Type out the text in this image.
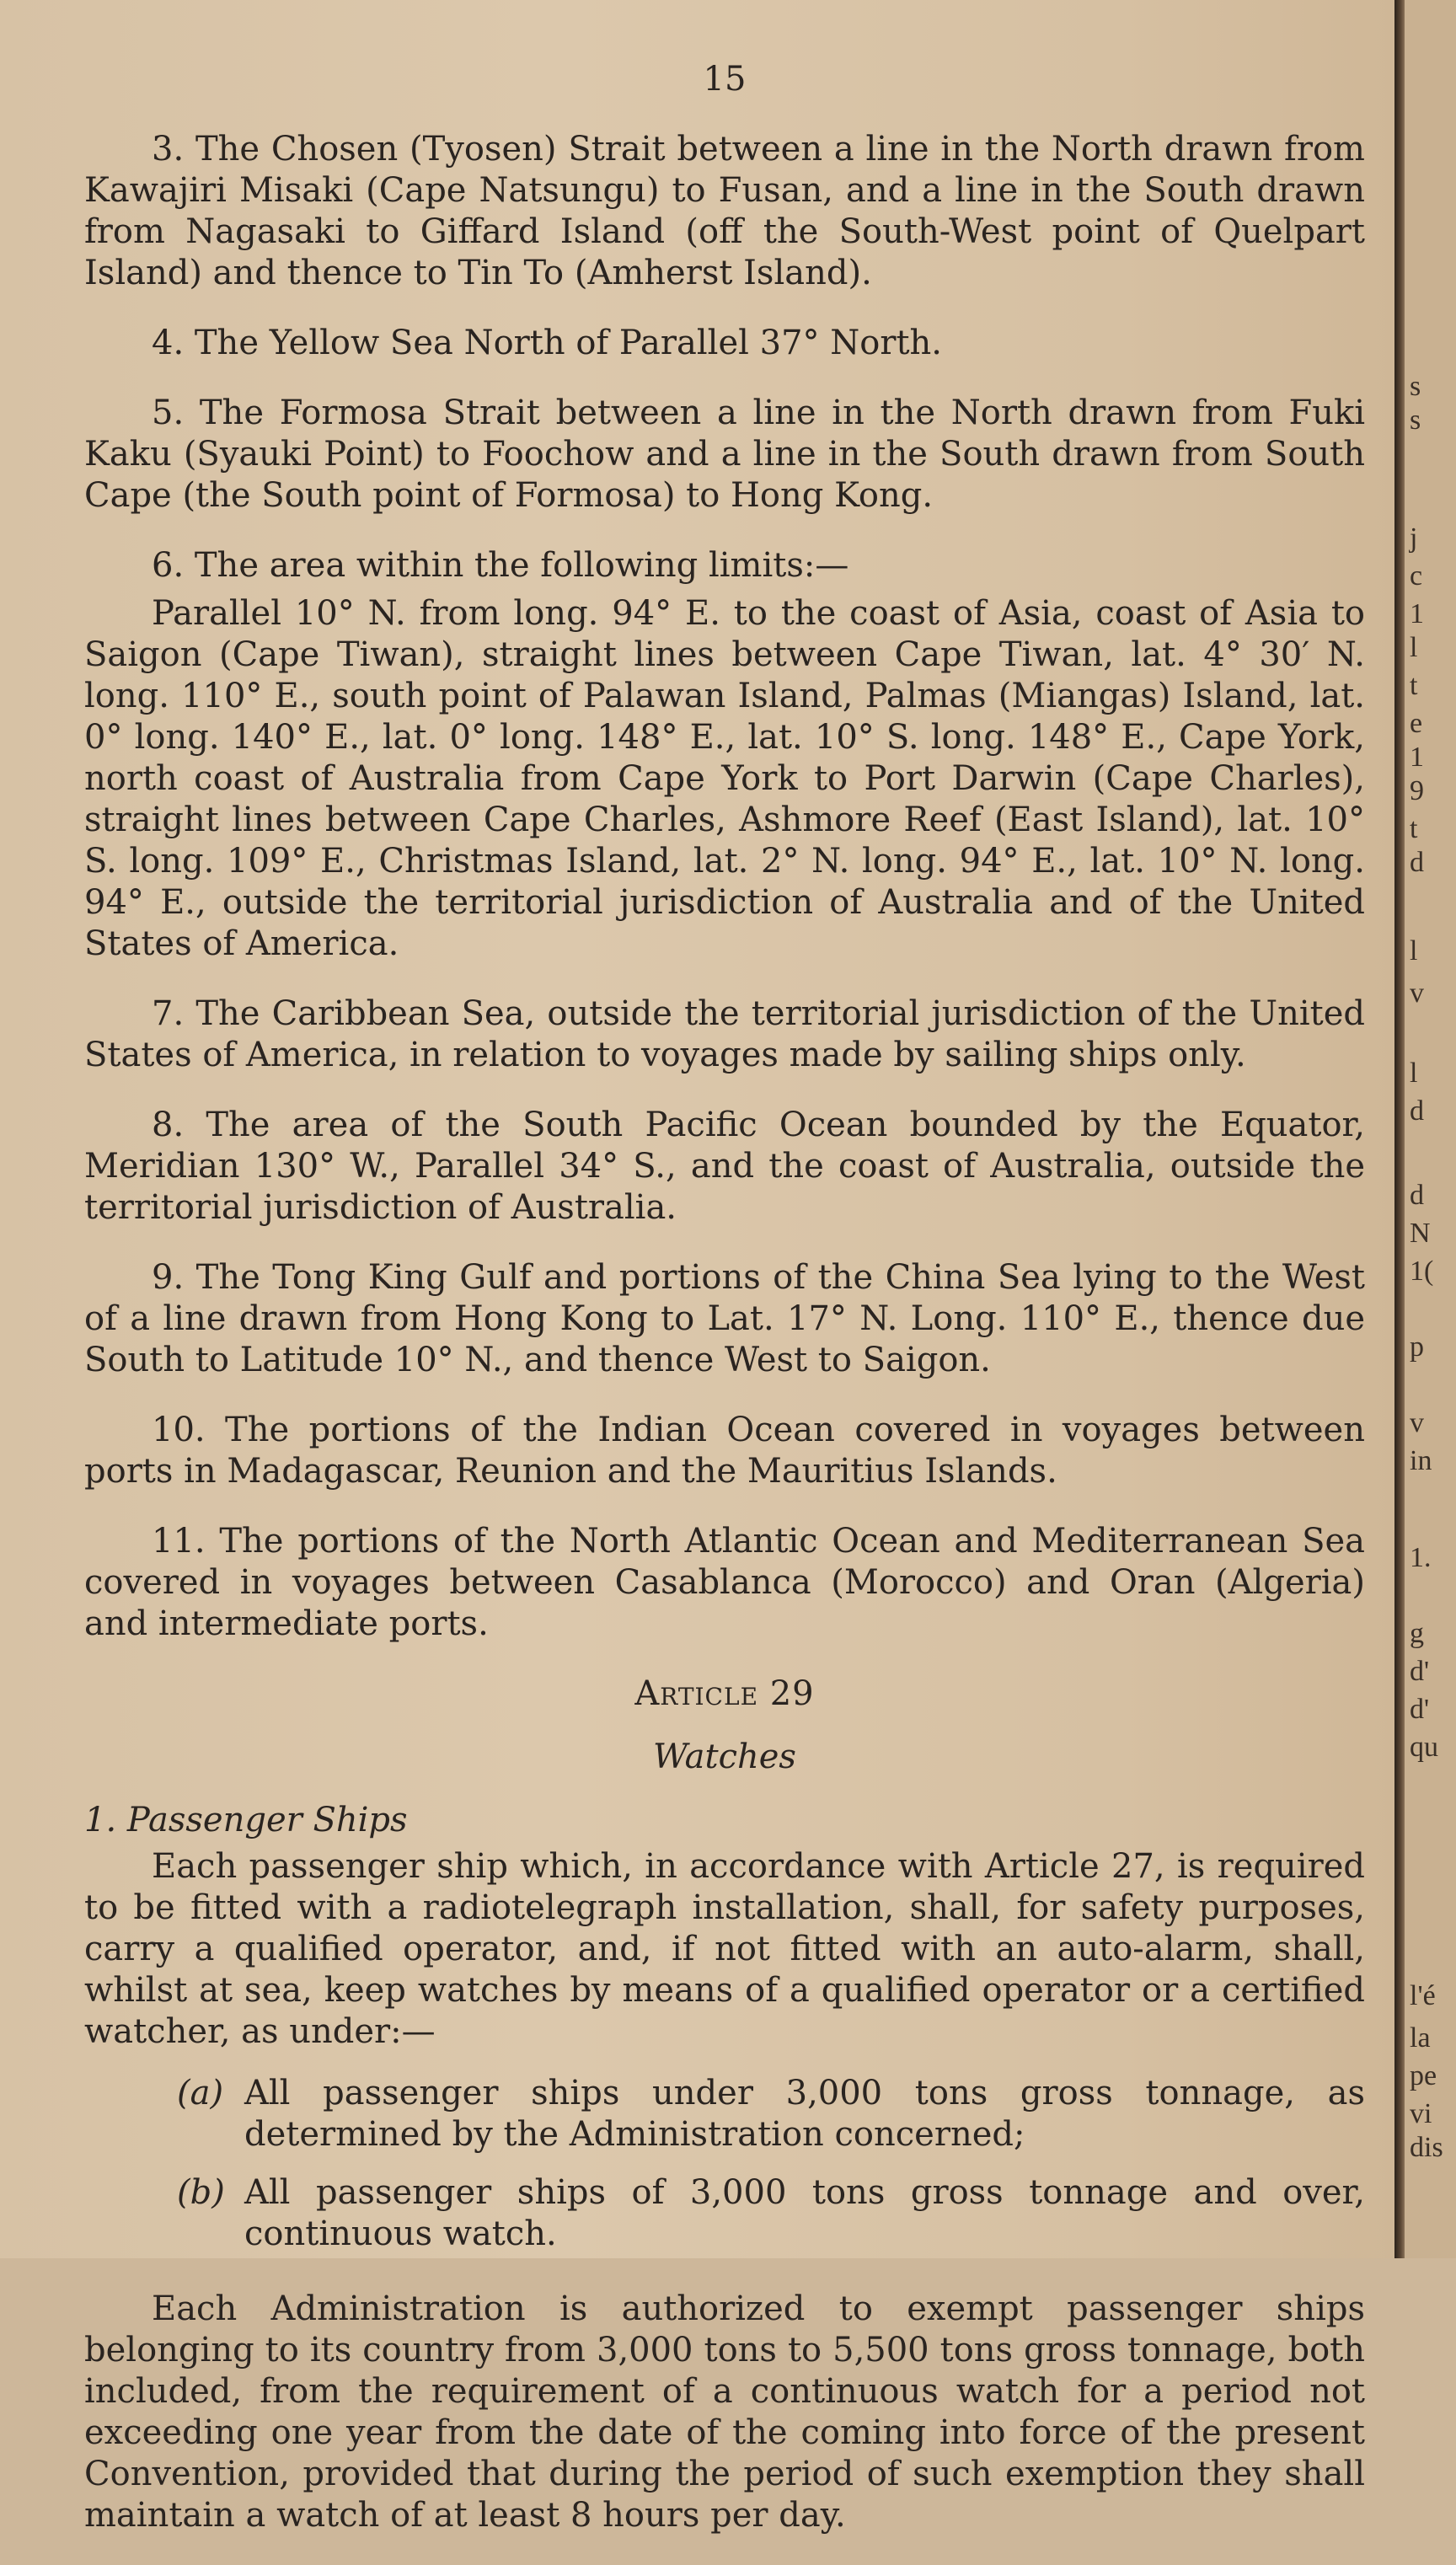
15

3. The Chosen (Tyosen) Strait between a line in the North drawn from Kawajiri Misaki (Cape Natsungu) to Fusan, and a line in the South drawn from Nagasaki to Giffard Island (off the South-West point of Quelpart Island) and thence to Tin To (Amherst Island).

4. The Yellow Sea North of Parallel 37° North.

5. The Formosa Strait between a line in the North drawn from Fuki Kaku (Syauki Point) to Foochow and a line in the South drawn from South Cape (the South point of Formosa) to Hong Kong.

6. The area within the following limits:—

Parallel 10° N. from long. 94° E. to the coast of Asia, coast of Asia to Saigon (Cape Tiwan), straight lines between Cape Tiwan, lat. 4° 30′ N. long. 110° E., south point of Palawan Island, Palmas (Miangas) Island, lat. 0° long. 140° E., lat. 0° long. 148° E., lat. 10° S. long. 148° E., Cape York, north coast of Australia from Cape York to Port Darwin (Cape Charles), straight lines between Cape Charles, Ashmore Reef (East Island), lat. 10° S. long. 109° E., Christmas Island, lat. 2° N. long. 94° E., lat. 10° N. long. 94° E., outside the territorial jurisdiction of Australia and of the United States of America.

7. The Caribbean Sea, outside the territorial jurisdiction of the United States of America, in relation to voyages made by sailing ships only.

8. The area of the South Pacific Ocean bounded by the Equator, Meridian 130° W., Parallel 34° S., and the coast of Australia, outside the territorial jurisdiction of Australia.

9. The Tong King Gulf and portions of the China Sea lying to the West of a line drawn from Hong Kong to Lat. 17° N. Long. 110° E., thence due South to Latitude 10° N., and thence West to Saigon.

10. The portions of the Indian Ocean covered in voyages between ports in Madagascar, Reunion and the Mauritius Islands.

11. The portions of the North Atlantic Ocean and Mediterranean Sea covered in voyages between Casablanca (Morocco) and Oran (Algeria) and intermediate ports.

Article 29
Watches
1. Passenger Ships

Each passenger ship which, in accordance with Article 27, is required to be fitted with a radiotelegraph installation, shall, for safety purposes, carry a qualified operator, and, if not fitted with an auto-alarm, shall, whilst at sea, keep watches by means of a qualified operator or a certified watcher, as under:—

(a) All passenger ships under 3,000 tons gross tonnage, as determined by the Administration concerned;
(b) All passenger ships of 3,000 tons gross tonnage and over, continuous watch.

Each Administration is authorized to exempt passenger ships belonging to its country from 3,000 tons to 5,500 tons gross tonnage, both included, from the requirement of a continuous watch for a period not exceeding one year from the date of the coming into force of the present Convention, provided that during the period of such exemption they shall maintain a watch of at least 8 hours per day.

s
s
j
c
1
l
t
e
1
9
t
d
l
v
l
d
d
N
1(
p
v
in
1.
g
d'
d'
qu
l'é
la
pe
vi
dis
